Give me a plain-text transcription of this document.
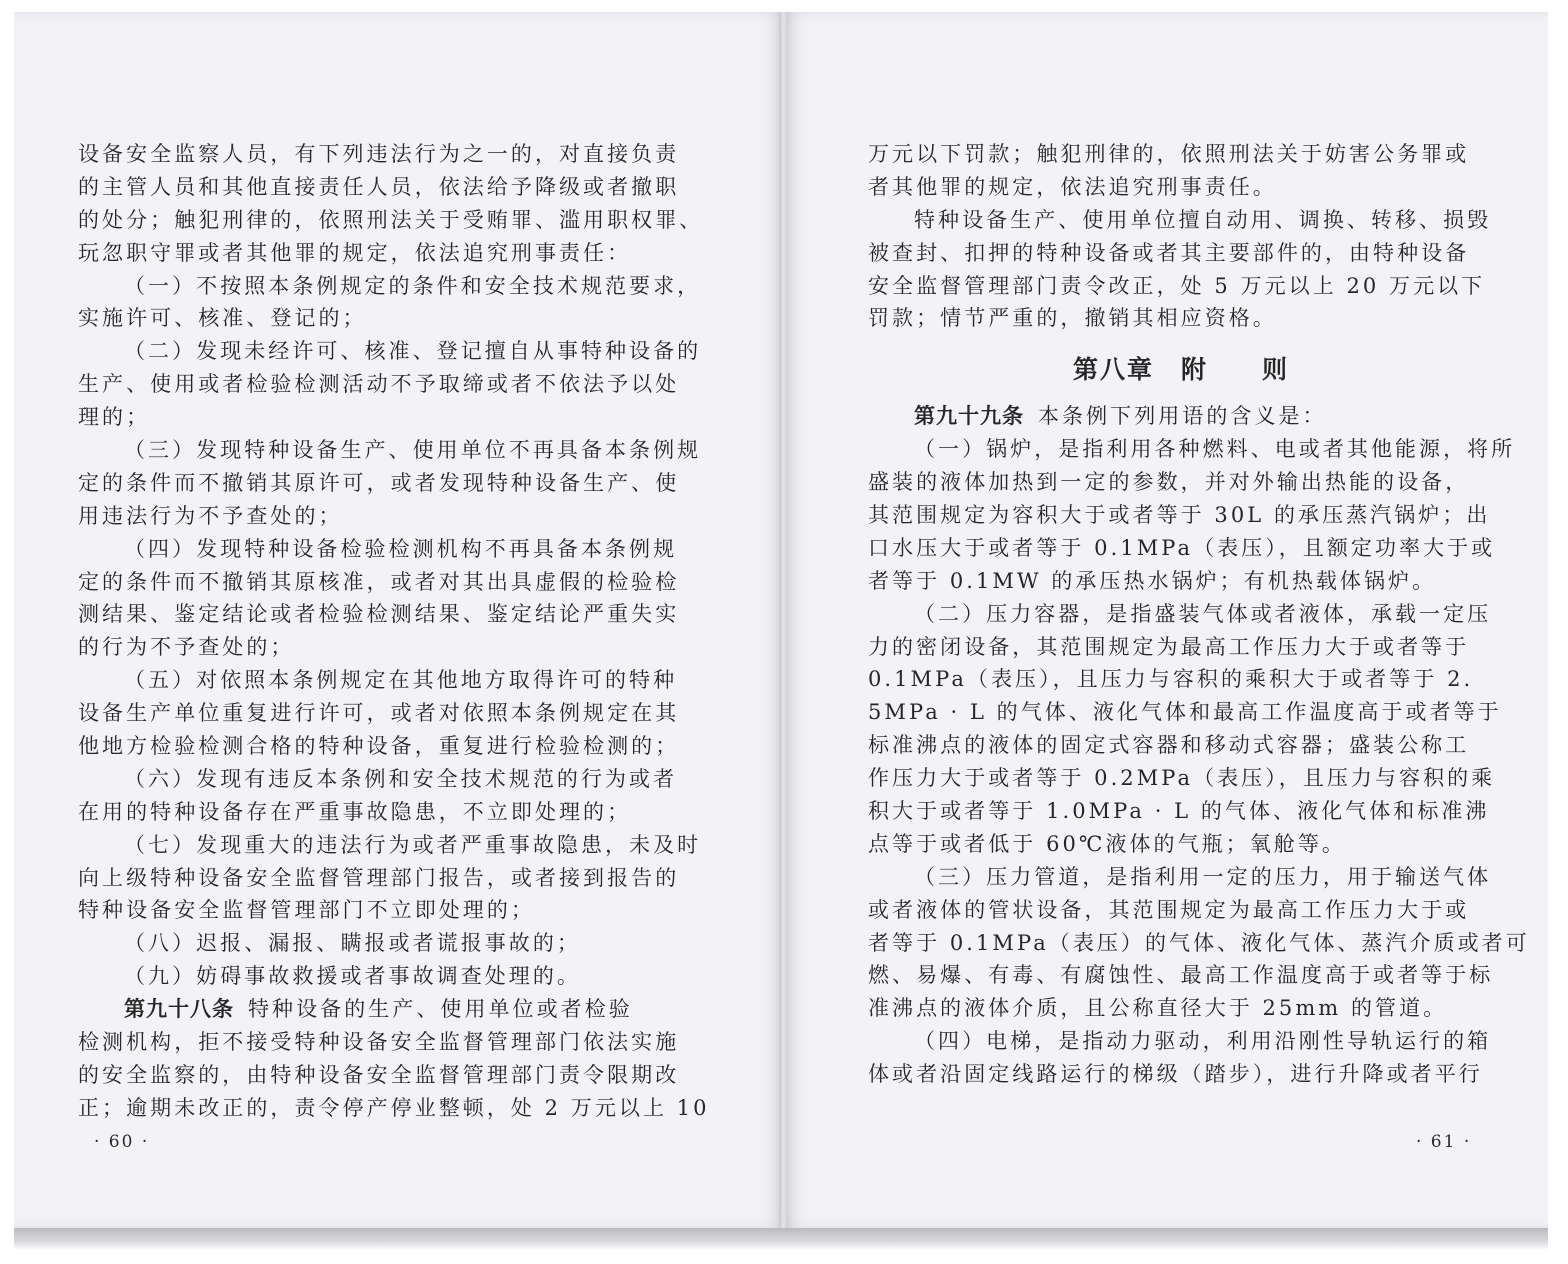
设备安全监察人员，有下列违法行为之一的，对直接负责

的主管人员和其他直接责任人员，依法给予降级或者撤职

的处分；触犯刑律的，依照刑法关于受贿罪、滥用职权罪、

玩忽职守罪或者其他罪的规定，依法追究刑事责任：

（一）不按照本条例规定的条件和安全技术规范要求，

实施许可、核准、登记的；

（二）发现未经许可、核准、登记擅自从事特种设备的

生产、使用或者检验检测活动不予取缔或者不依法予以处

理的；

（三）发现特种设备生产、使用单位不再具备本条例规

定的条件而不撤销其原许可，或者发现特种设备生产、使

用违法行为不予查处的；

（四）发现特种设备检验检测机构不再具备本条例规

定的条件而不撤销其原核准，或者对其出具虚假的检验检

测结果、鉴定结论或者检验检测结果、鉴定结论严重失实

的行为不予查处的；

（五）对依照本条例规定在其他地方取得许可的特种

设备生产单位重复进行许可，或者对依照本条例规定在其

他地方检验检测合格的特种设备，重复进行检验检测的；

（六）发现有违反本条例和安全技术规范的行为或者

在用的特种设备存在严重事故隐患，不立即处理的；

（七）发现重大的违法行为或者严重事故隐患，未及时

向上级特种设备安全监督管理部门报告，或者接到报告的

特种设备安全监督管理部门不立即处理的；

（八）迟报、漏报、瞒报或者谎报事故的；

（九）妨碍事故救援或者事故调查处理的。

第九十八条 特种设备的生产、使用单位或者检验

检测机构，拒不接受特种设备安全监督管理部门依法实施

的安全监察的，由特种设备安全监督管理部门责令限期改

正；逾期未改正的，责令停产停业整顿，处 2 万元以上 10

· 60 ·

万元以下罚款；触犯刑律的，依照刑法关于妨害公务罪或

者其他罪的规定，依法追究刑事责任。

特种设备生产、使用单位擅自动用、调换、转移、损毁

被查封、扣押的特种设备或者其主要部件的，由特种设备

安全监督管理部门责令改正，处 5 万元以上 20 万元以下

罚款；情节严重的，撤销其相应资格。

第八章　附　　则

第九十九条 本条例下列用语的含义是：

（一）锅炉，是指利用各种燃料、电或者其他能源，将所

盛装的液体加热到一定的参数，并对外输出热能的设备，

其范围规定为容积大于或者等于 30L 的承压蒸汽锅炉；出

口水压大于或者等于 0.1MPa（表压），且额定功率大于或

者等于 0.1MW 的承压热水锅炉；有机热载体锅炉。

（二）压力容器，是指盛装气体或者液体，承载一定压

力的密闭设备，其范围规定为最高工作压力大于或者等于

0.1MPa（表压），且压力与容积的乘积大于或者等于 2.

5MPa · L 的气体、液化气体和最高工作温度高于或者等于

标准沸点的液体的固定式容器和移动式容器；盛装公称工

作压力大于或者等于 0.2MPa（表压），且压力与容积的乘

积大于或者等于 1.0MPa · L 的气体、液化气体和标准沸

点等于或者低于 60℃液体的气瓶；氧舱等。

（三）压力管道，是指利用一定的压力，用于输送气体

或者液体的管状设备，其范围规定为最高工作压力大于或

者等于 0.1MPa（表压）的气体、液化气体、蒸汽介质或者可

燃、易爆、有毒、有腐蚀性、最高工作温度高于或者等于标

准沸点的液体介质，且公称直径大于 25mm 的管道。

（四）电梯，是指动力驱动，利用沿刚性导轨运行的箱

体或者沿固定线路运行的梯级（踏步），进行升降或者平行

· 61 ·
